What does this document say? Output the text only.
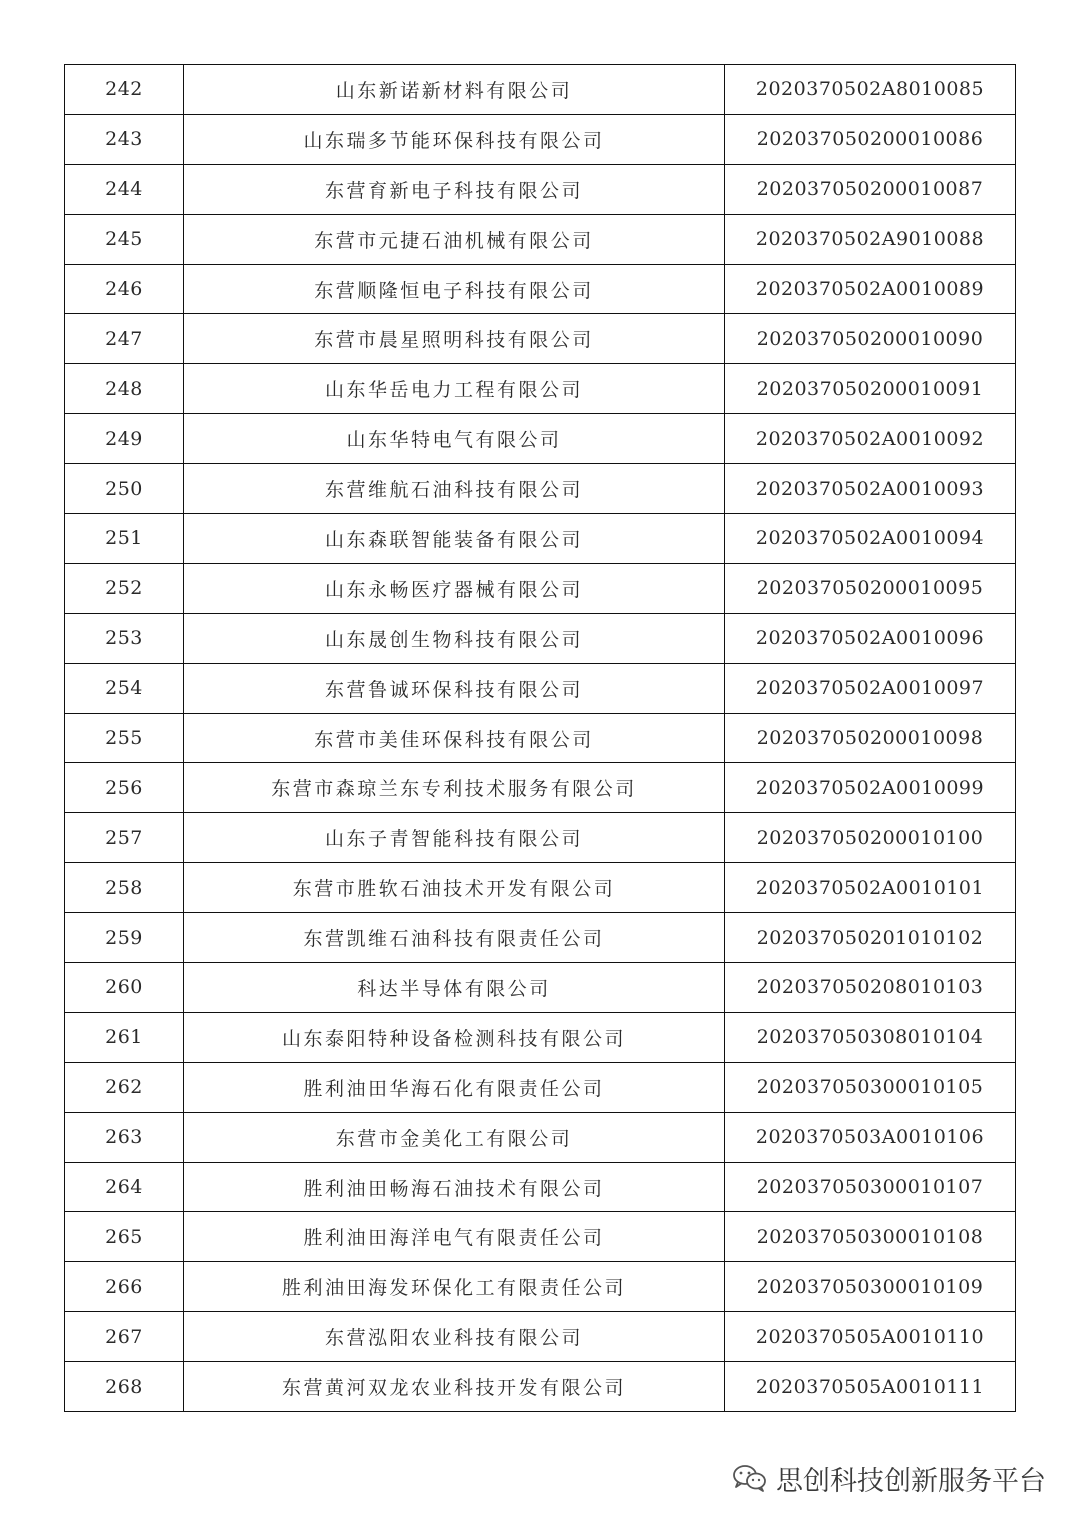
242	山东新诺新材料有限公司	2020370502A8010085
243	山东瑞多节能环保科技有限公司	202037050200010086
244	东营育新电子科技有限公司	202037050200010087
245	东营市元捷石油机械有限公司	2020370502A9010088
246	东营顺隆恒电子科技有限公司	2020370502A0010089
247	东营市晨星照明科技有限公司	202037050200010090
248	山东华岳电力工程有限公司	202037050200010091
249	山东华特电气有限公司	2020370502A0010092
250	东营维航石油科技有限公司	2020370502A0010093
251	山东森联智能装备有限公司	2020370502A0010094
252	山东永畅医疗器械有限公司	202037050200010095
253	山东晟创生物科技有限公司	2020370502A0010096
254	东营鲁诚环保科技有限公司	2020370502A0010097
255	东营市美佳环保科技有限公司	202037050200010098
256	东营市森琼兰东专利技术服务有限公司	2020370502A0010099
257	山东子青智能科技有限公司	202037050200010100
258	东营市胜软石油技术开发有限公司	2020370502A0010101
259	东营凯维石油科技有限责任公司	202037050201010102
260	科达半导体有限公司	202037050208010103
261	山东泰阳特种设备检测科技有限公司	202037050308010104
262	胜利油田华海石化有限责任公司	202037050300010105
263	东营市金美化工有限公司	2020370503A0010106
264	胜利油田畅海石油技术有限公司	202037050300010107
265	胜利油田海洋电气有限责任公司	202037050300010108
266	胜利油田海发环保化工有限责任公司	202037050300010109
267	东营泓阳农业科技有限公司	2020370505A0010110
268	东营黄河双龙农业科技开发有限公司	2020370505A0010111
思创科技创新服务平台
